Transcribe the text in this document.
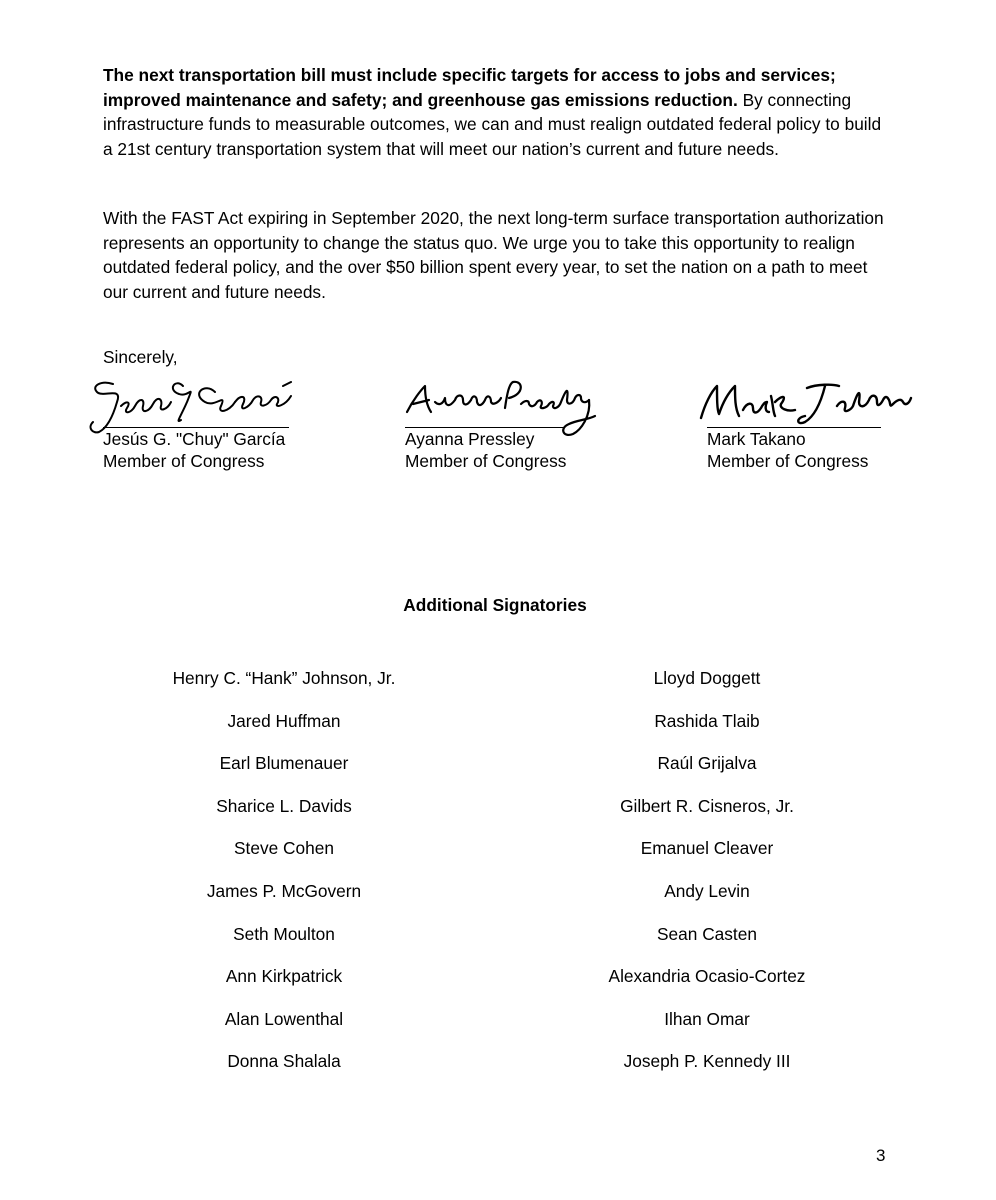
The next transportation bill must include specific targets for access to jobs and services; improved maintenance and safety; and greenhouse gas emissions reduction. By connecting infrastructure funds to measurable outcomes, we can and must realign outdated federal policy to build a 21st century transportation system that will meet our nation’s current and future needs.

With the FAST Act expiring in September 2020, the next long-term surface transportation authorization represents an opportunity to change the status quo. We urge you to take this opportunity to realign outdated federal policy, and the over $50 billion spent every year, to set the nation on a path to meet our current and future needs.

Sincerely,
Jesús G. "Chuy" García
Member of Congress
Ayanna Pressley
Member of Congress
Mark Takano
Member of Congress
Additional Signatories
Henry C. “Hank” Johnson, Jr.
Jared Huffman
Earl Blumenauer
Sharice L. Davids
Steve Cohen
James P. McGovern
Seth Moulton
Ann Kirkpatrick
Alan Lowenthal
Donna Shalala
Lloyd Doggett
Rashida Tlaib
Raúl Grijalva
Gilbert R. Cisneros, Jr.
Emanuel Cleaver
Andy Levin
Sean Casten
Alexandria Ocasio-Cortez
Ilhan Omar
Joseph P. Kennedy III
3
